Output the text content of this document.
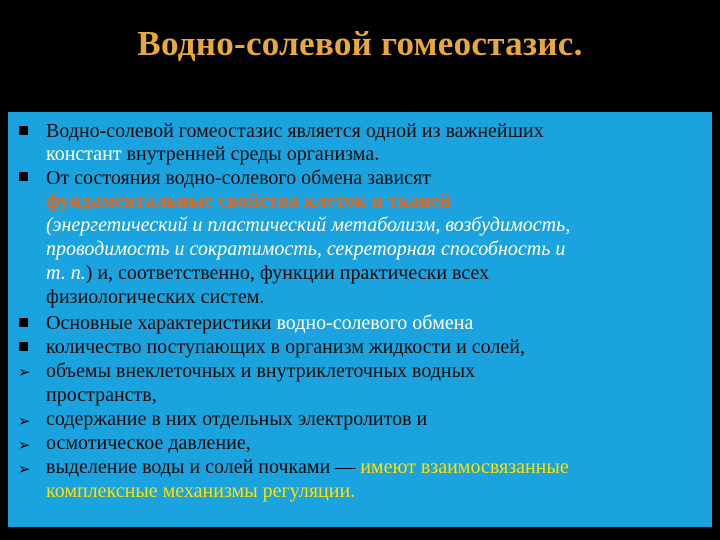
Водно-солевой гомеостазис.
➢
➢
➢
➢
Водно-солевой гомеостазис является одной из важнейших
констант внутренней среды организма.
От состояния водно-солевого обмена зависят
фундаментальные свойства клеток и тканей
(энергетический и пластический метаболизм, возбудимость,
проводимость и сократимость, секреторная способность и
т. п.) и, соответственно, функции практически всех
физиологических систем.
Основные характеристики водно-солевого обмена
количество поступающих в организм жидкости и солей,
объемы внеклеточных и внутриклеточных водных
пространств,
содержание в них отдельных электролитов и
осмотическое давление,
выделение воды и солей почками — имеют взаимосвязанные
комплексные механизмы регуляции.
